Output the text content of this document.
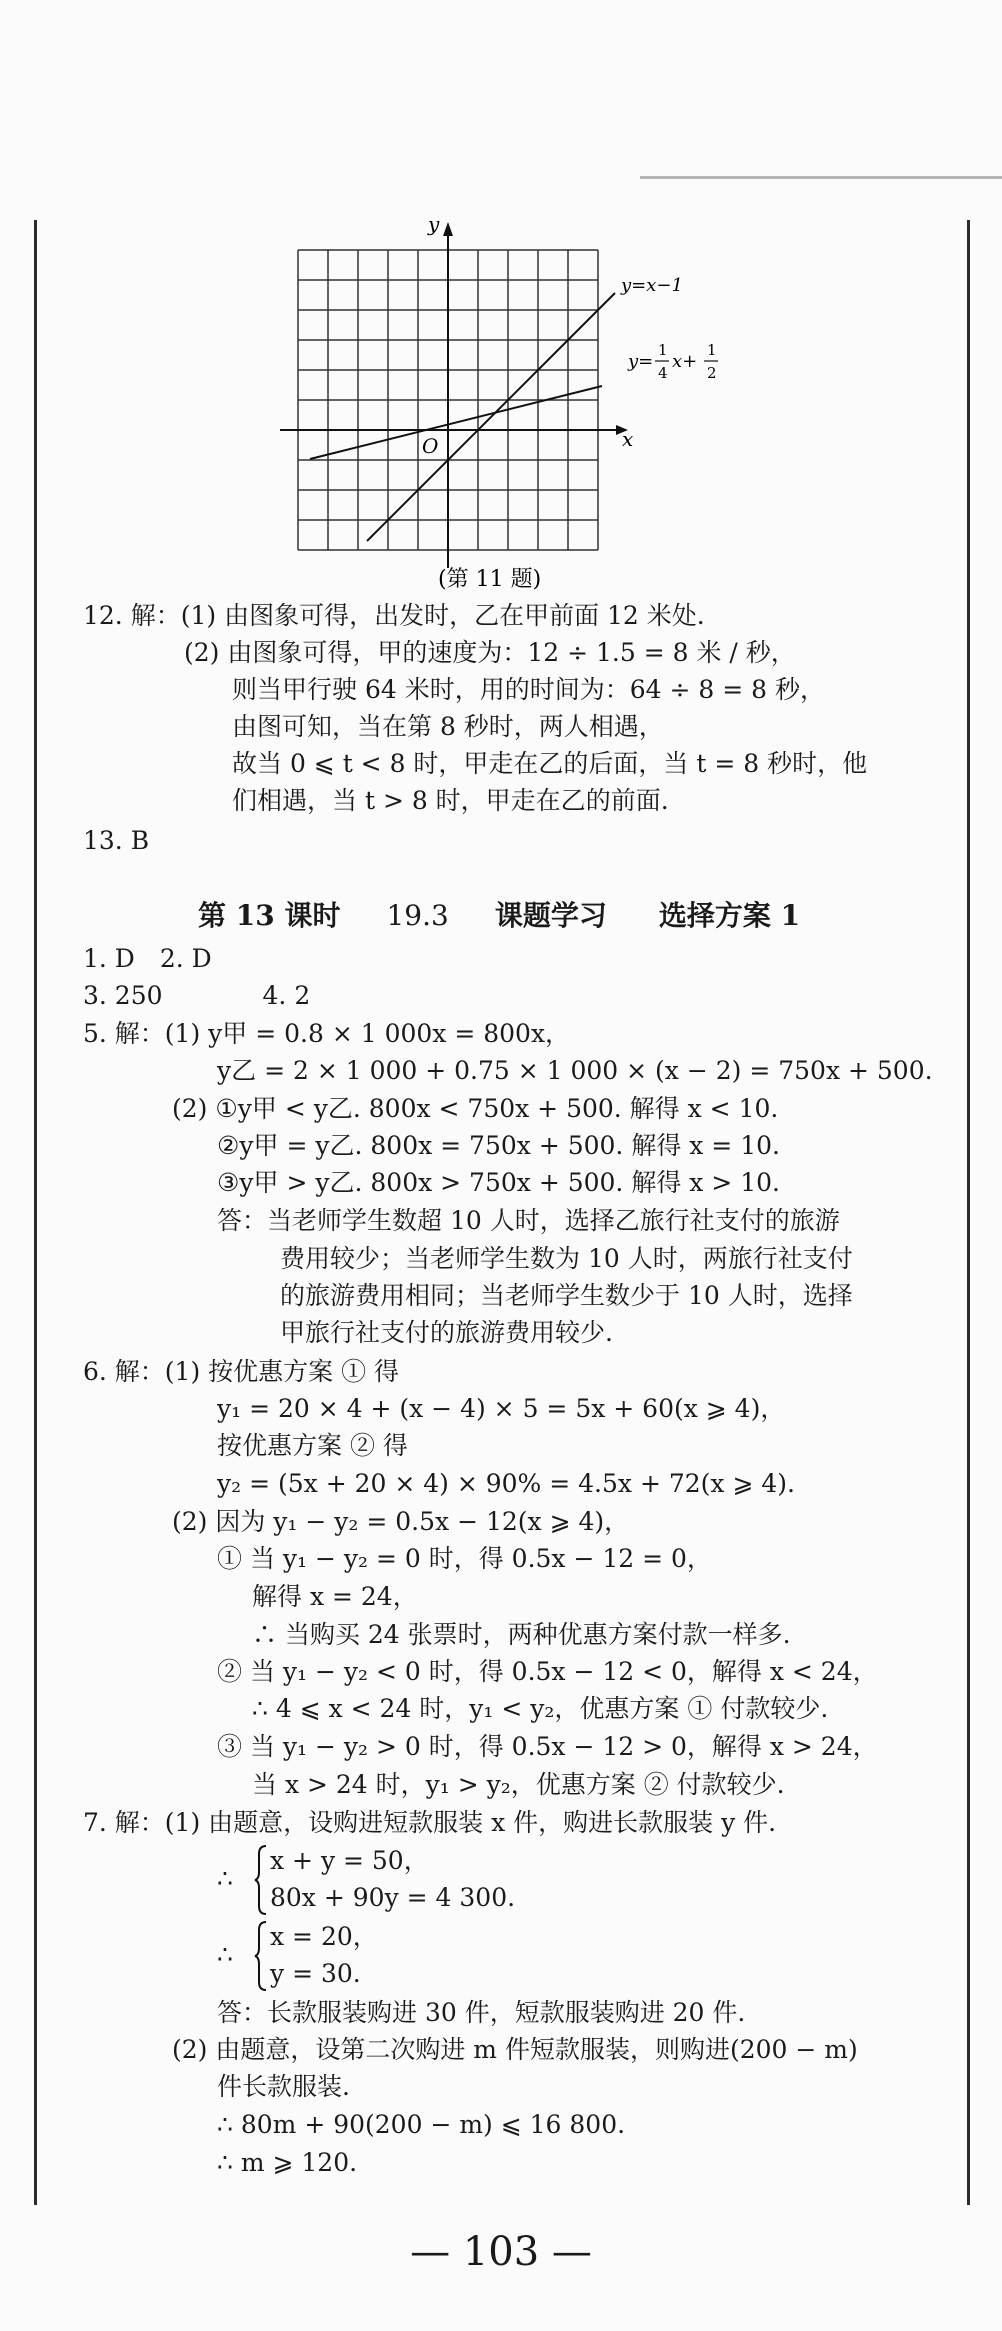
y
x
O
y=x−1
y=
1
4
x+
1
2
(第 11 题)
12. 解：(1) 由图象可得，出发时，乙在甲前面 12 米处.
(2) 由图象可得，甲的速度为：12 ÷ 1.5 = 8 米 / 秒，
则当甲行驶 64 米时，用的时间为：64 ÷ 8 = 8 秒，
由图可知，当在第 8 秒时，两人相遇，
故当 0 ⩽ t < 8 时，甲走在乙的后面，当 t = 8 秒时，他
们相遇，当 t > 8 时，甲走在乙的前面.
13. B
第 13 课时 19.3 课题学习 选择方案 1
1. D　2. D
3. 250　　　　4. 2
5. 解：(1) y甲 = 0.8 × 1 000x = 800x，
y乙 = 2 × 1 000 + 0.75 × 1 000 × (x − 2) = 750x + 500.
(2) ①y甲 < y乙. 800x < 750x + 500. 解得 x < 10.
②y甲 = y乙. 800x = 750x + 500. 解得 x = 10.
③y甲 > y乙. 800x > 750x + 500. 解得 x > 10.
答：当老师学生数超 10 人时，选择乙旅行社支付的旅游
费用较少；当老师学生数为 10 人时，两旅行社支付
的旅游费用相同；当老师学生数少于 10 人时，选择
甲旅行社支付的旅游费用较少.
6. 解：(1) 按优惠方案 ① 得
y₁ = 20 × 4 + (x − 4) × 5 = 5x + 60(x ⩾ 4)，
按优惠方案 ② 得
y₂ = (5x + 20 × 4) × 90% = 4.5x + 72(x ⩾ 4).
(2) 因为 y₁ − y₂ = 0.5x − 12(x ⩾ 4)，
① 当 y₁ − y₂ = 0 时，得 0.5x − 12 = 0，
解得 x = 24，
∴ 当购买 24 张票时，两种优惠方案付款一样多.
② 当 y₁ − y₂ < 0 时，得 0.5x − 12 < 0，解得 x < 24，
∴ 4 ⩽ x < 24 时，y₁ < y₂，优惠方案 ① 付款较少.
③ 当 y₁ − y₂ > 0 时，得 0.5x − 12 > 0，解得 x > 24，
当 x > 24 时，y₁ > y₂，优惠方案 ② 付款较少.
7. 解：(1) 由题意，设购进短款服装 x 件，购进长款服装 y 件.
∴
x + y = 50，
80x + 90y = 4 300.
∴
x = 20，
y = 30.
答：长款服装购进 30 件，短款服装购进 20 件.
(2) 由题意，设第二次购进 m 件短款服装，则购进(200 − m)
件长款服装.
∴ 80m + 90(200 − m) ⩽ 16 800.
∴ m ⩾ 120.
— 103 —
